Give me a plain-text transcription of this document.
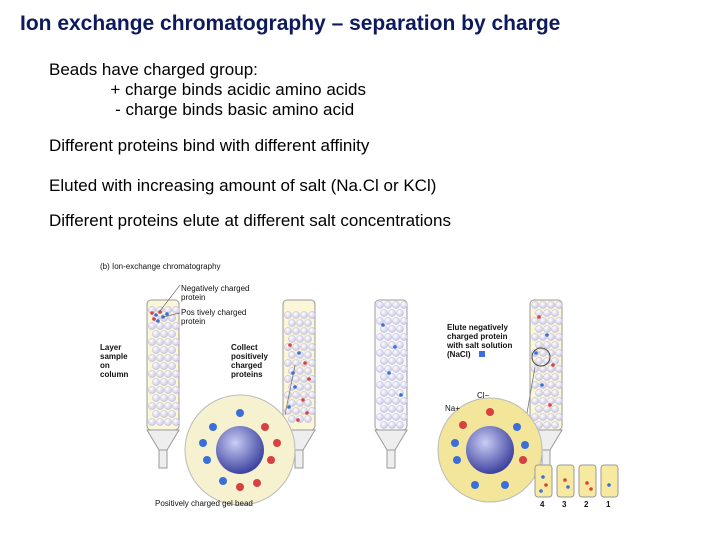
Ion exchange chromatography – separation by charge

Beads have charged group:

+ charge binds acidic amino acids

- charge binds basic amino acid

Different proteins bind with different affinity

Eluted with increasing amount of salt (Na.Cl or KCl)

Different proteins elute at different salt concentrations

(b) Ion-exchange chromatography
Negatively charged
protein
Pos tively charged
protein
Layer
sample
on
column
Collect
positively
charged
proteins
Positively charged gel bead
Elute negatively
charged protein
with salt solution
(NaCl)
Na+
Cl−
4 3 2 1
